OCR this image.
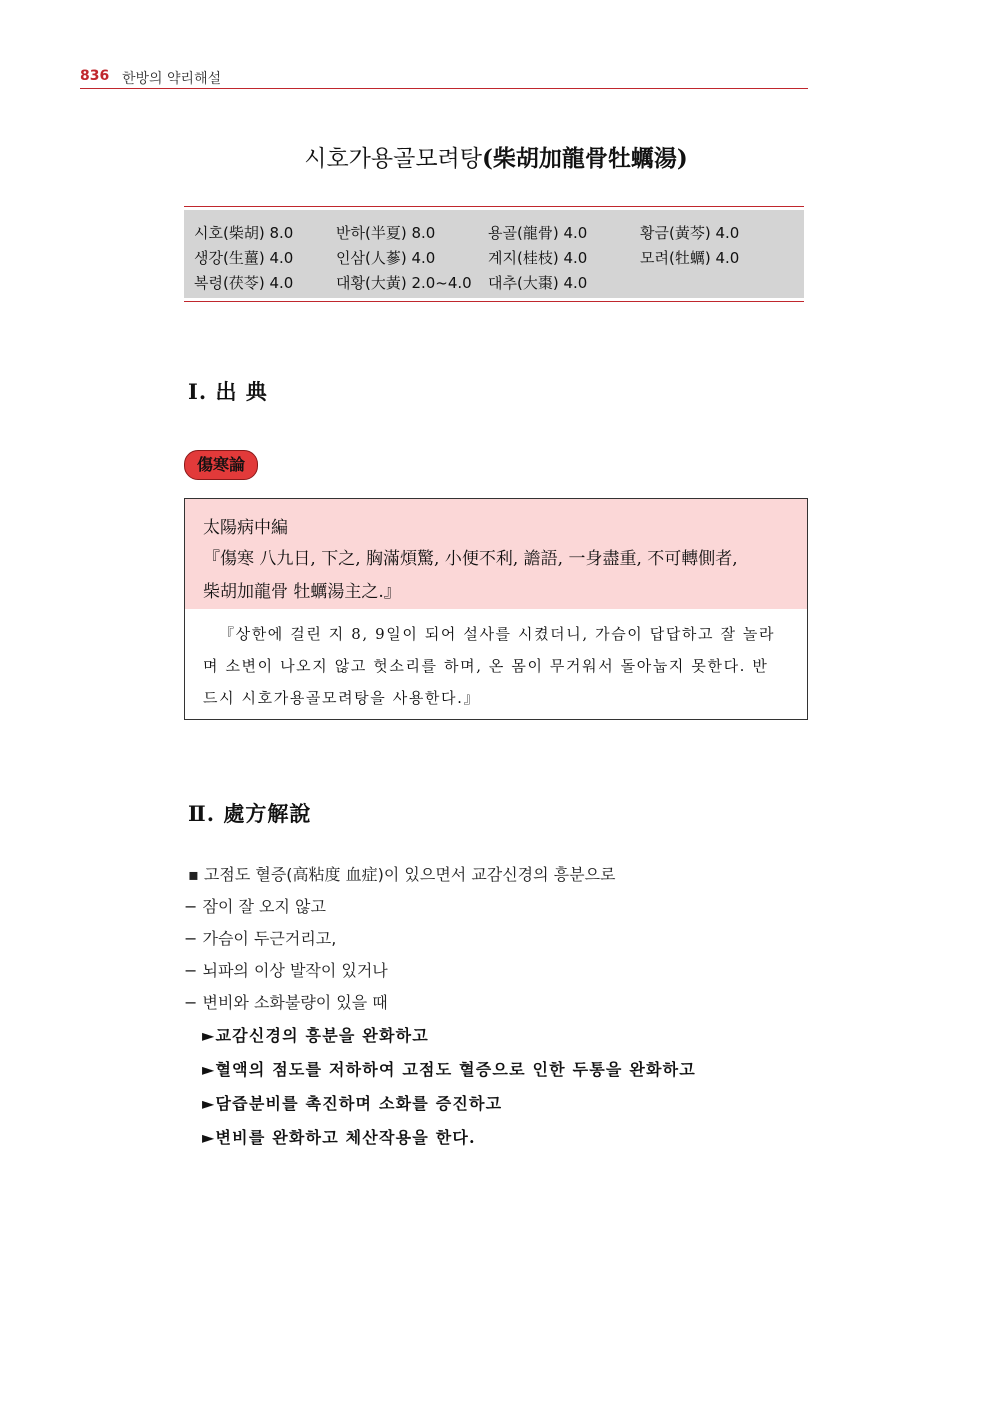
836 한방의 약리해설
시호가용골모려탕(柴胡加龍骨牡蠣湯)
시호(柴胡) 8.0	반하(半夏) 8.0	용골(龍骨) 4.0	황금(黃芩) 4.0
생강(生薑) 4.0	인삼(人蔘) 4.0	계지(桂枝) 4.0	모려(牡蠣) 4.0
복령(茯苓) 4.0	대황(大黃) 2.0~4.0 대추(大棗) 4.0
Ⅰ. 出 典
傷寒論
太陽病中編
『傷寒 八九日, 下之, 胸滿煩驚, 小便不利, 譫語, 一身盡重, 不可轉側者,
柴胡加龍骨 牡蠣湯主之.』
『상한에 걸린 지 8, 9일이 되어 설사를 시켰더니, 가슴이 답답하고 잘 놀라
며 소변이 나오지 않고 헛소리를 하며, 온 몸이 무거워서 돌아눕지 못한다. 반
드시 시호가용골모려탕을 사용한다.』
Ⅱ. 處方解說
▪ 고점도 혈증(高粘度 血症)이 있으면서 교감신경의 흥분으로
− 잠이 잘 오지 않고
− 가슴이 두근거리고,
− 뇌파의 이상 발작이 있거나
− 변비와 소화불량이 있을 때
►교감신경의 흥분을 완화하고
►혈액의 점도를 저하하여 고점도 혈증으로 인한 두통을 완화하고
►담즙분비를 촉진하며 소화를 증진하고
►변비를 완화하고 체산작용을 한다.
